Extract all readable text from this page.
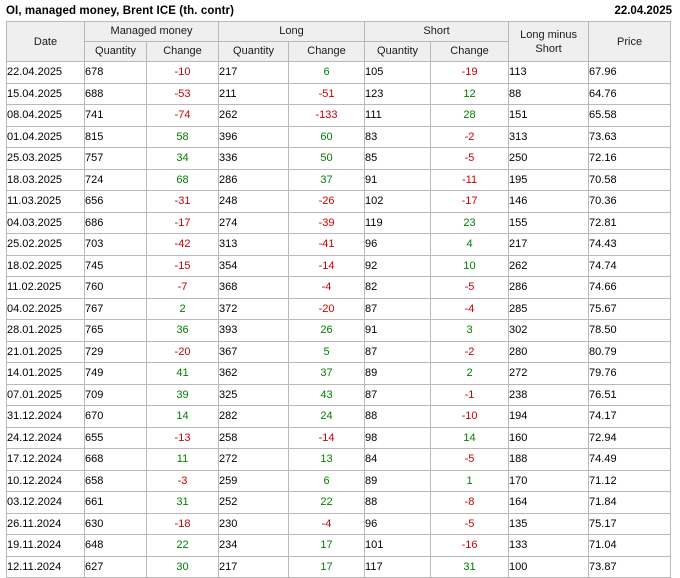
OI, managed money, Brent ICE (th. contr)	22.04.2025
Date	Managed money		Long		Short		Long minus Short	Price
	Quantity	Change	Quantity	Change	Quantity	Change		
22.04.2025	678	-10	217	6	105	-19	113	67.96
15.04.2025	688	-53	211	-51	123	12	88	64.76
08.04.2025	741	-74	262	-133	111	28	151	65.58
01.04.2025	815	58	396	60	83	-2	313	73.63
25.03.2025	757	34	336	50	85	-5	250	72.16
18.03.2025	724	68	286	37	91	-11	195	70.58
11.03.2025	656	-31	248	-26	102	-17	146	70.36
04.03.2025	686	-17	274	-39	119	23	155	72.81
25.02.2025	703	-42	313	-41	96	4	217	74.43
18.02.2025	745	-15	354	-14	92	10	262	74.74
11.02.2025	760	-7	368	-4	82	-5	286	74.66
04.02.2025	767	2	372	-20	87	-4	285	75.67
28.01.2025	765	36	393	26	91	3	302	78.50
21.01.2025	729	-20	367	5	87	-2	280	80.79
14.01.2025	749	41	362	37	89	2	272	79.76
07.01.2025	709	39	325	43	87	-1	238	76.51
31.12.2024	670	14	282	24	88	-10	194	74.17
24.12.2024	655	-13	258	-14	98	14	160	72.94
17.12.2024	668	11	272	13	84	-5	188	74.49
10.12.2024	658	-3	259	6	89	1	170	71.12
03.12.2024	661	31	252	22	88	-8	164	71.84
26.11.2024	630	-18	230	-4	96	-5	135	75.17
19.11.2024	648	22	234	17	101	-16	133	71.04
12.11.2024	627	30	217	17	117	31	100	73.87
